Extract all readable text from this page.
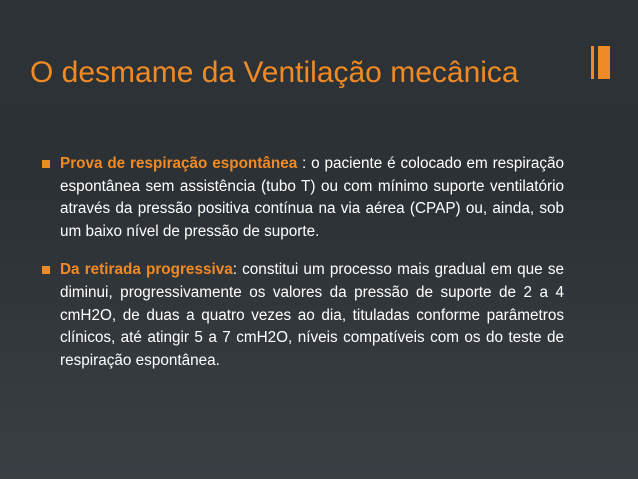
O desmame da Ventilação mecânica

Prova de respiração espontânea : o paciente é colocado em respiração espontânea sem assistência (tubo T) ou com mínimo suporte ventilatório através da pressão positiva contínua na via aérea (CPAP) ou, ainda, sob um baixo nível de pressão de suporte.

Da retirada progressiva: constitui um processo mais gradual em que se diminui, progressivamente os valores da pressão de suporte de 2 a 4 cmH2O, de duas a quatro vezes ao dia, tituladas conforme parâmetros clínicos, até atingir 5 a 7 cmH2O, níveis compatíveis com os do teste de respiração espontânea.
